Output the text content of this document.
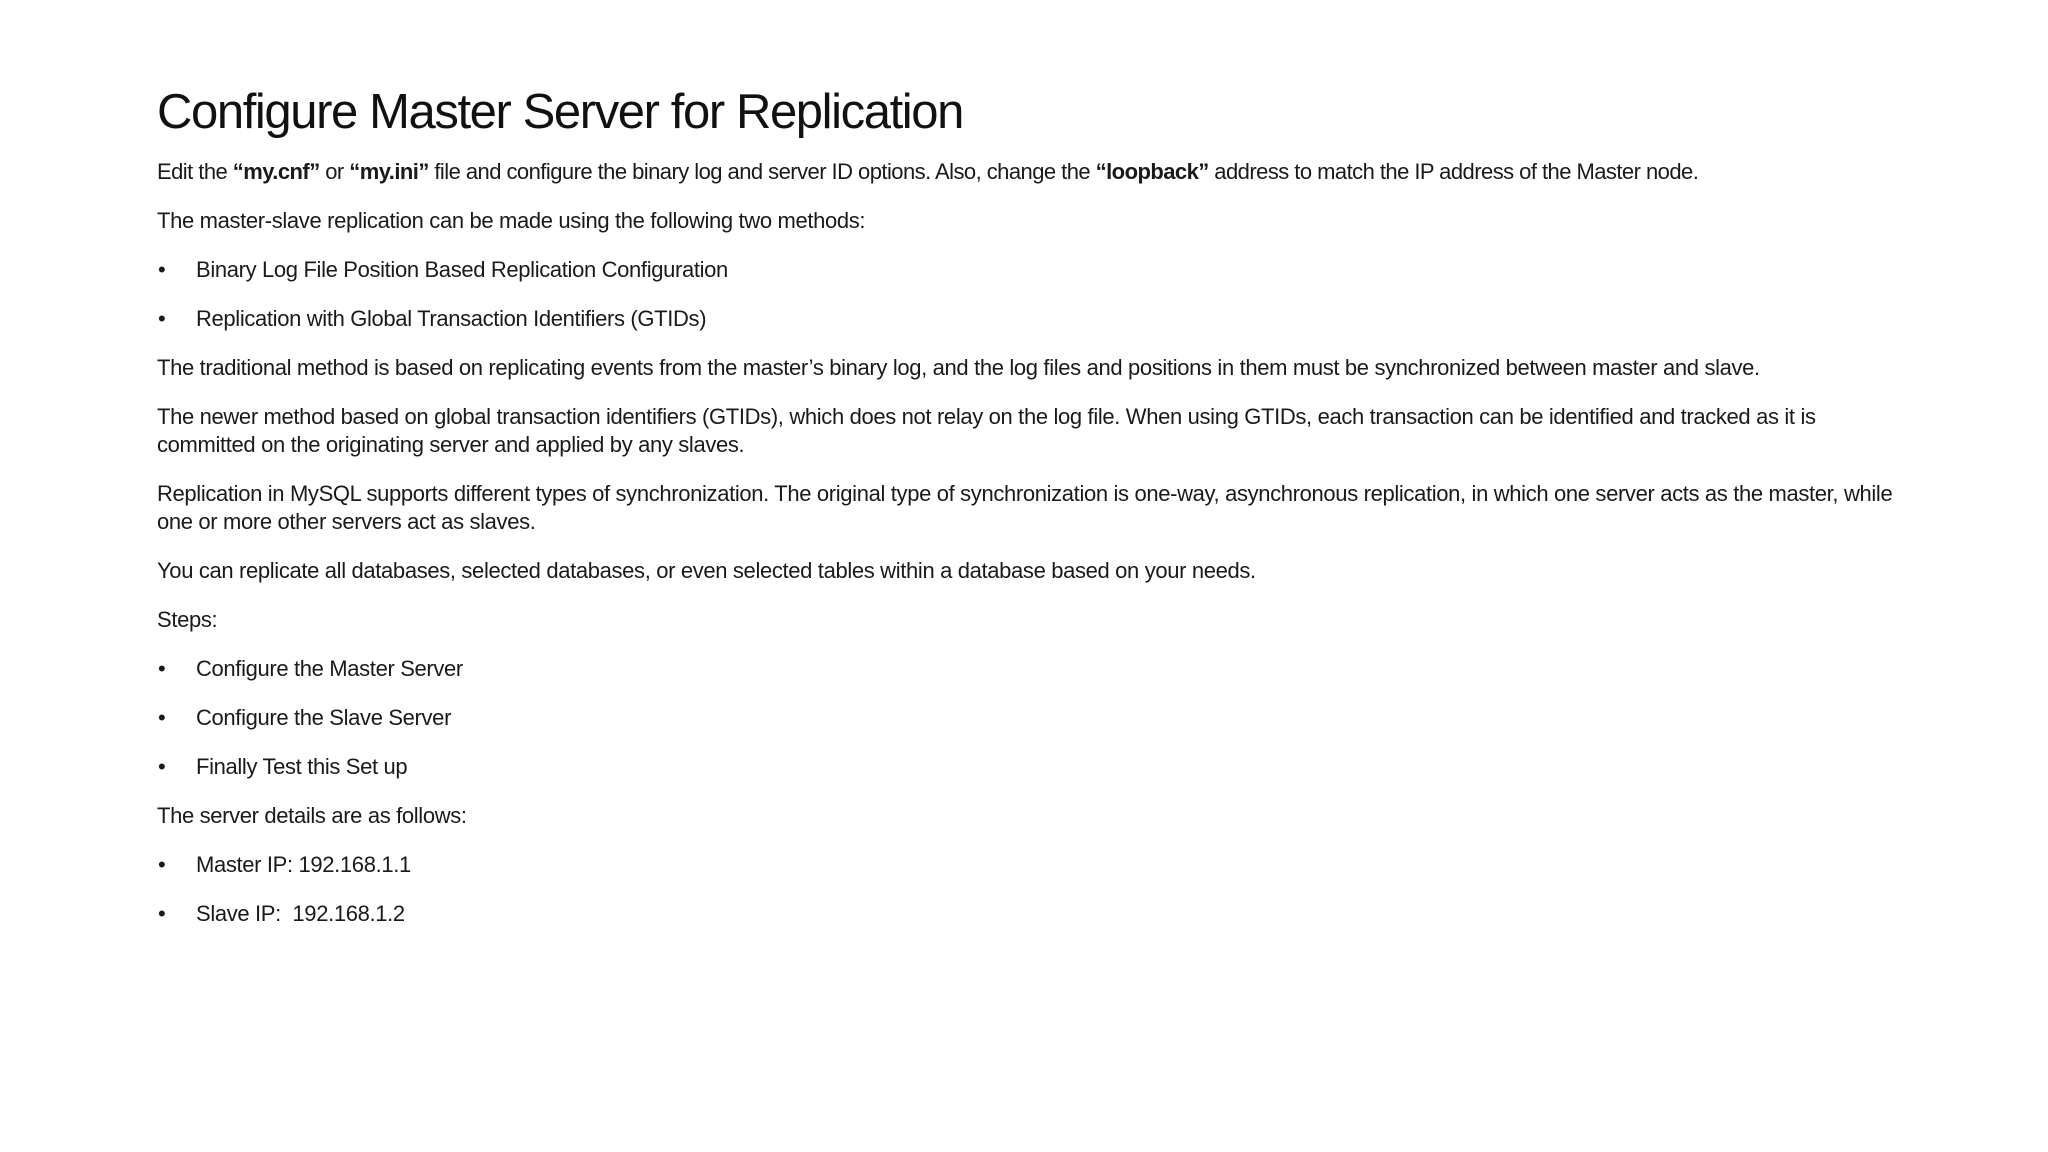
Configure Master Server for Replication

Edit the “my.cnf” or “my.ini” file and configure the binary log and server ID options. Also, change the “loopback” address to match the IP address of the Master node.

The master-slave replication can be made using the following two methods:

• Binary Log File Position Based Replication Configuration
• Replication with Global Transaction Identifiers (GTIDs)

The traditional method is based on replicating events from the master’s binary log, and the log files and positions in them must be synchronized between master and slave.

The newer method based on global transaction identifiers (GTIDs), which does not relay on the log file. When using GTIDs, each transaction can be identified and tracked as it is committed on the originating server and applied by any slaves.

Replication in MySQL supports different types of synchronization. The original type of synchronization is one-way, asynchronous replication, in which one server acts as the master, while one or more other servers act as slaves.

You can replicate all databases, selected databases, or even selected tables within a database based on your needs.

Steps:

• Configure the Master Server
• Configure the Slave Server
• Finally Test this Set up

The server details are as follows:

• Master IP: 192.168.1.1
• Slave IP:  192.168.1.2
